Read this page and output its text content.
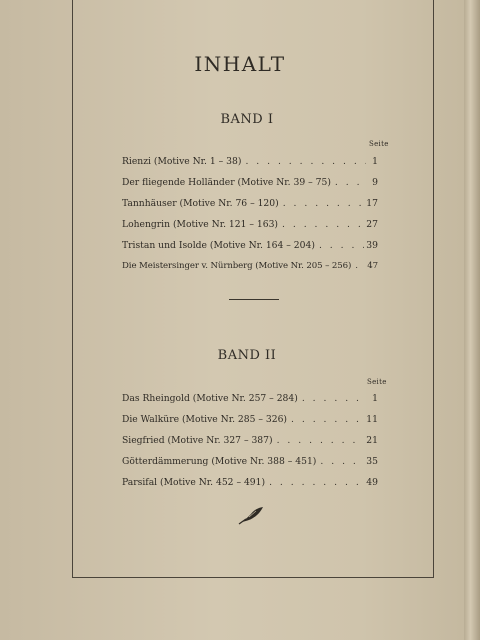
INHALT
BAND I
Seite
Rienzi (Motive Nr. 1 – 38) . . .	1
Der fliegende Holländer (Motive Nr. 39 – 75) . . .	9
Tannhäuser (Motive Nr. 76 – 120) . . .	17
Lohengrin (Motive Nr. 121 – 163) . . .	27
Tristan und Isolde (Motive Nr. 164 – 204) . . .	39
Die Meistersinger v. Nürnberg (Motive Nr. 205 – 256) . . . 47
BAND II
Seite
Das Rheingold (Motive Nr. 257 – 284) . . .	1
Die Walküre (Motive Nr. 285 – 326) . . .	11
Siegfried (Motive Nr. 327 – 387) . . .	21
Götterdämmerung (Motive Nr. 388 – 451) . . .	35
Parsifal (Motive Nr. 452 – 491) . . .	49
